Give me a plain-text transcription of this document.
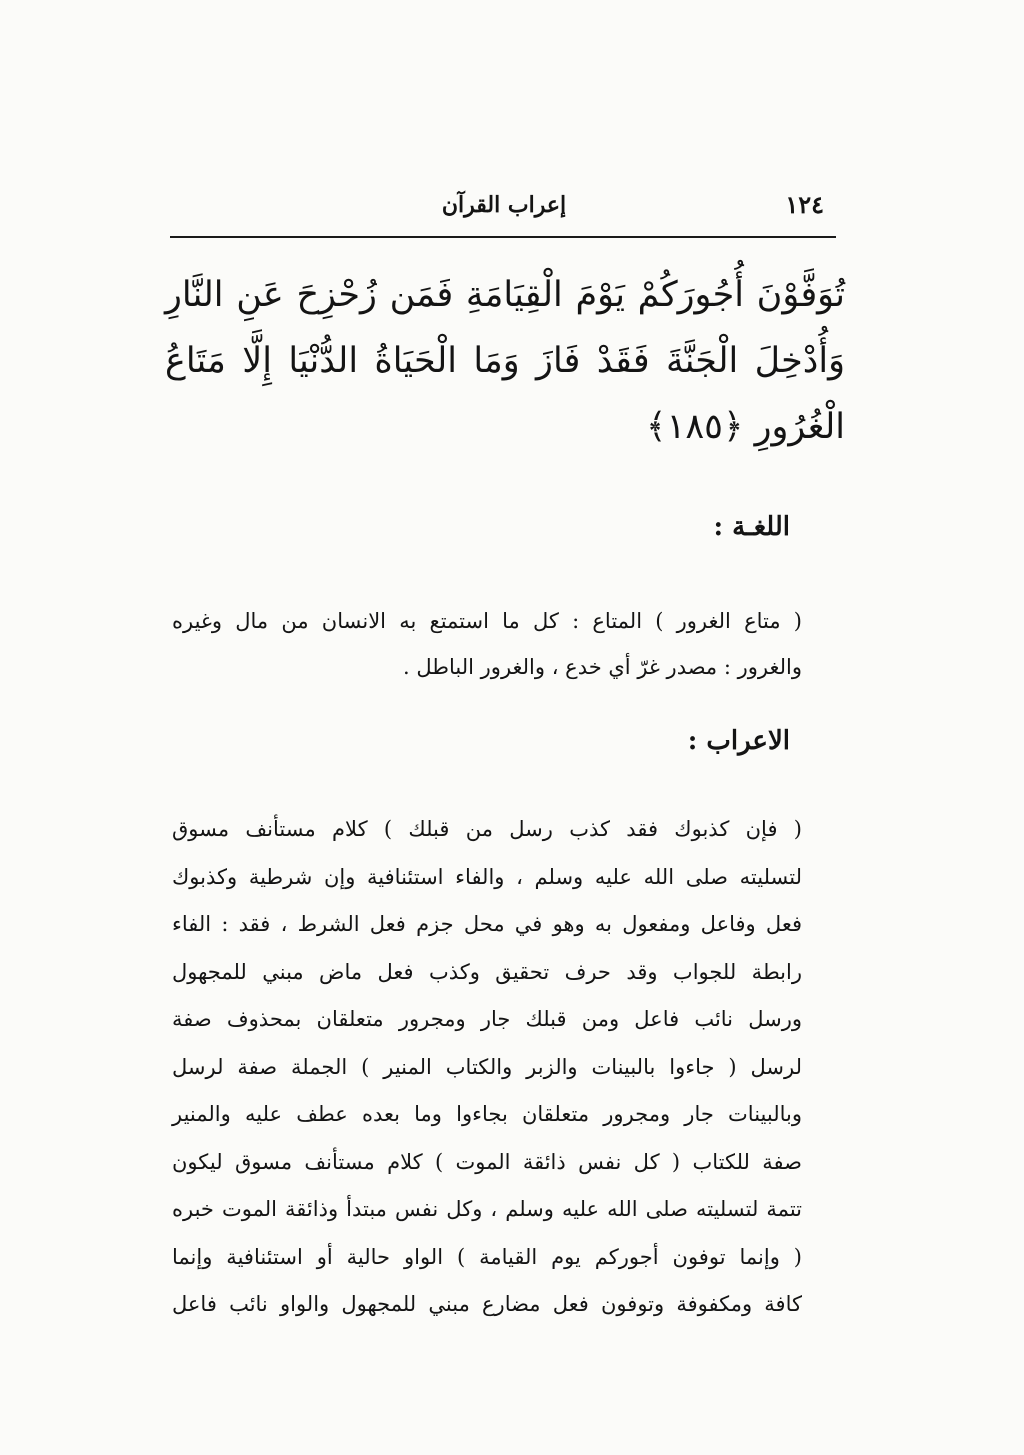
١٢٤
إعراب القرآن
تُوَفَّوْنَ أُجُورَكُمْ يَوْمَ الْقِيَامَةِ فَمَن زُحْزِحَ عَنِ النَّارِ وَأُدْخِلَ الْجَنَّةَ فَقَدْ فَازَ وَمَا الْحَيَاةُ الدُّنْيَا إِلَّا مَتَاعُ الْغُرُورِ ﴿١٨٥﴾
اللغـة :
( متاع الغرور ) المتاع : كل ما استمتع به الانسان من مال وغيره
والغرور : مصدر غرّ أي خدع ، والغرور الباطل .
الاعراب :
( فإن كذبوك فقد كذب رسل من قبلك ) كلام مستأنف مسوق
لتسليته صلى الله عليه وسلم ، والفاء استئنافية وإن شرطية وكذبوك
فعل وفاعل ومفعول به وهو في محل جزم فعل الشرط ، فقد : الفاء
رابطة للجواب وقد حرف تحقيق وكذب فعل ماض مبني للمجهول
ورسل نائب فاعل ومن قبلك جار ومجرور متعلقان بمحذوف صفة
لرسل ( جاءوا بالبينات والزبر والكتاب المنير ) الجملة صفة لرسل
وبالبينات جار ومجرور متعلقان بجاءوا وما بعده عطف عليه والمنير
صفة للكتاب ( كل نفس ذائقة الموت ) كلام مستأنف مسوق ليكون
تتمة لتسليته صلى الله عليه وسلم ، وكل نفس مبتدأ وذائقة الموت خبره
( وإنما توفون أجوركم يوم القيامة ) الواو حالية أو استئنافية وإنما
كافة ومكفوفة وتوفون فعل مضارع مبني للمجهول والواو نائب فاعل
